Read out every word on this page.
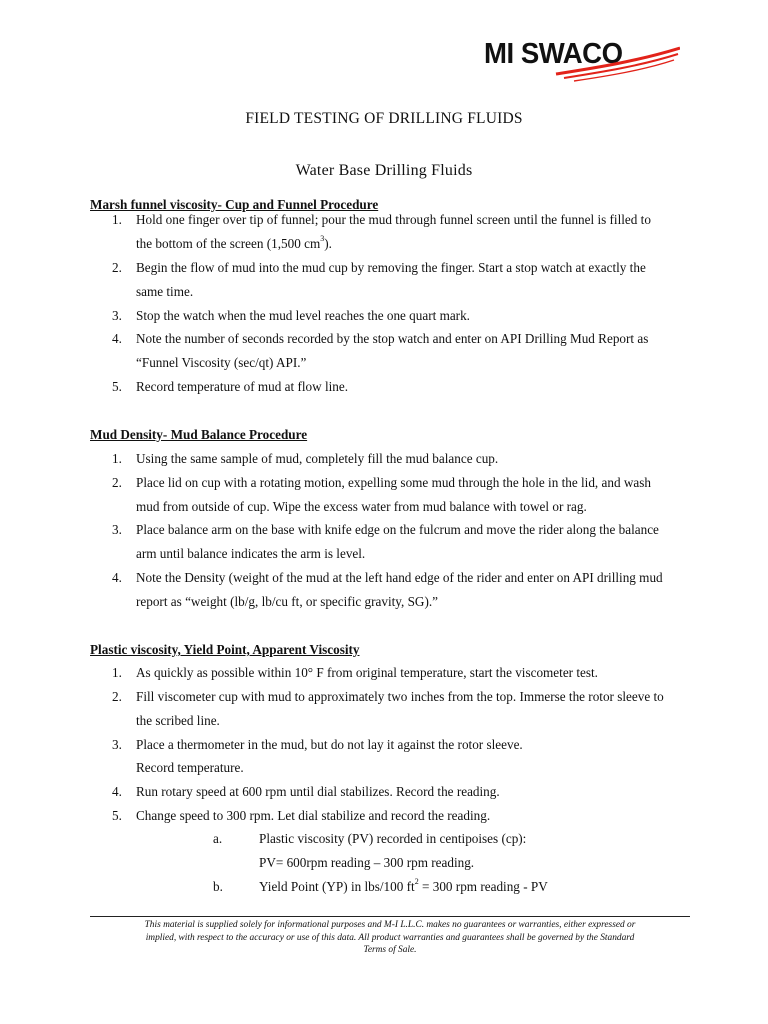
MI SWACO
FIELD TESTING OF DRILLING FLUIDS
Water Base Drilling Fluids
Marsh funnel viscosity- Cup and Funnel Procedure
1. Hold one finger over tip of funnel; pour the mud through funnel screen until the funnel is filled to
the bottom of the screen (1,500 $cm^3$).
2. Begin the flow of mud into the mud cup by removing the finger. Start a stop watch at exactly the
same time.
3. Stop the watch when the mud level reaches the one quart mark.
4. Note the number of seconds recorded by the stop watch and enter on API Drilling Mud Report as
“Funnel Viscosity (sec/qt) API.”
5. Record temperature of mud at flow line.
Mud Density- Mud Balance Procedure
1. Using the same sample of mud, completely fill the mud balance cup.
2. Place lid on cup with a rotating motion, expelling some mud through the hole in the lid, and wash
mud from outside of cup. Wipe the excess water from mud balance with towel or rag.
3. Place balance arm on the base with knife edge on the fulcrum and move the rider along the balance
arm until balance indicates the arm is level.
4. Note the Density (weight of the mud at the left hand edge of the rider and enter on API drilling mud
report as “weight (lb/g, lb/cu ft, or specific gravity, SG).”
Plastic viscosity, Yield Point, Apparent Viscosity
1. As quickly as possible within 10° F from original temperature, start the viscometer test.
2. Fill viscometer cup with mud to approximately two inches from the top. Immerse the rotor sleeve to
the scribed line.
3. Place a thermometer in the mud, but do not lay it against the rotor sleeve.
Record temperature.
4. Run rotary speed at 600 rpm until dial stabilizes. Record the reading.
5. Change speed to 300 rpm. Let dial stabilize and record the reading.
a.	Plastic viscosity (PV) recorded in centipoises (cp):
PV= 600rpm reading – 300 rpm reading.
b.	Yield Point (YP) in lbs/100 $ft^2 = 300$ rpm reading - PV
This material is supplied solely for informational purposes and M-I L.L.C. makes no guarantees or warranties, either expressed or
implied, with respect to the accuracy or use of this data. All product warranties and guarantees shall be governed by the Standard
Terms of Sale.
